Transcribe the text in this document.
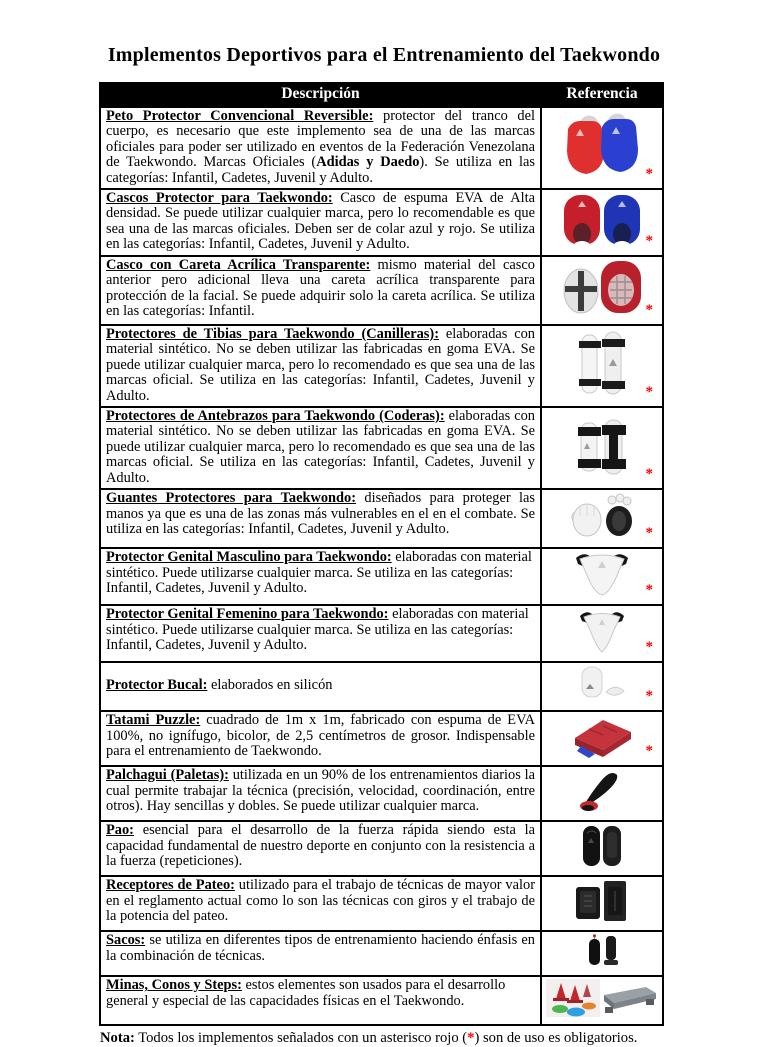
Implementos Deportivos para el Entrenamiento del Taekwondo
Descripción	Referencia
Peto Protector Convencional Reversible: protector del tranco del cuerpo, es necesario que este implemento sea de una de las marcas oficiales para poder ser utilizado en eventos de la Federación Venezolana de Taekwondo. Marcas Oficiales (Adidas y Daedo). Se utiliza en las categorías: Infantil, Cadetes, Juvenil y Adulto.	*

Cascos Protector para Taekwondo: Casco de espuma EVA de Alta densidad. Se puede utilizar cualquier marca, pero lo recomendable es que sea una de las marcas oficiales. Deben ser de colar azul y rojo. Se utiliza en las categorías: Infantil, Cadetes, Juvenil y Adulto.	*

Casco con Careta Acrílica Transparente: mismo material del casco anterior pero adicional lleva una careta acrílica transparente para protección de la facial. Se puede adquirir solo la careta acrílica. Se utiliza en las categorías: Infantil.	*

Protectores de Tibias para Taekwondo (Canilleras): elaboradas con material sintético. No se deben utilizar las fabricadas en goma EVA. Se puede utilizar cualquier marca, pero lo recomendado es que sea una de las marcas oficial. Se utiliza en las categorías: Infantil, Cadetes, Juvenil y Adulto.	*

Protectores de Antebrazos para Taekwondo (Coderas): elaboradas con material sintético. No se deben utilizar las fabricadas en goma EVA. Se puede utilizar cualquier marca, pero lo recomendado es que sea una de las marcas oficial. Se utiliza en las categorías: Infantil, Cadetes, Juvenil y Adulto.	*

Guantes Protectores para Taekwondo: diseñados para proteger las manos ya que es una de las zonas más vulnerables en el en el combate. Se utiliza en las categorías: Infantil, Cadetes, Juvenil y Adulto.	*

Protector Genital Masculino para Taekwondo: elaboradas con material sintético. Puede utilizarse cualquier marca. Se utiliza en las categorías: Infantil, Cadetes, Juvenil y Adulto.	*

Protector Genital Femenino para Taekwondo: elaboradas con material sintético. Puede utilizarse cualquier marca. Se utiliza en las categorías: Infantil, Cadetes, Juvenil y Adulto.	*

Protector Bucal: elaborados en silicón	*

Tatami Puzzle: cuadrado de 1m x 1m, fabricado con espuma de EVA 100%, no ignífugo, bicolor, de 2,5 centímetros de grosor. Indispensable para el entrenamiento de Taekwondo.	*

Palchagui (Paletas): utilizada en un 90% de los entrenamientos diarios la cual permite trabajar la técnica (precisión, velocidad, coordinación, entre otros). Hay sencillas y dobles. Se puede utilizar cualquier marca.	

Pao: esencial para el desarrollo de la fuerza rápida siendo esta la capacidad fundamental de nuestro deporte en conjunto con la resistencia a la fuerza (repeticiones).	

Receptores de Pateo: utilizado para el trabajo de técnicas de mayor valor en el reglamento actual como lo son las técnicas con giros y el trabajo de la potencia del pateo.	

Sacos: se utiliza en diferentes tipos de entrenamiento haciendo énfasis en la combinación de técnicas.	

Minas, Conos y Steps: estos elementes son usados para el desarrollo general y especial de las capacidades físicas en el Taekwondo.	
Nota: Todos los implementos señalados con un asterisco rojo (*) son de uso es obligatorios.
